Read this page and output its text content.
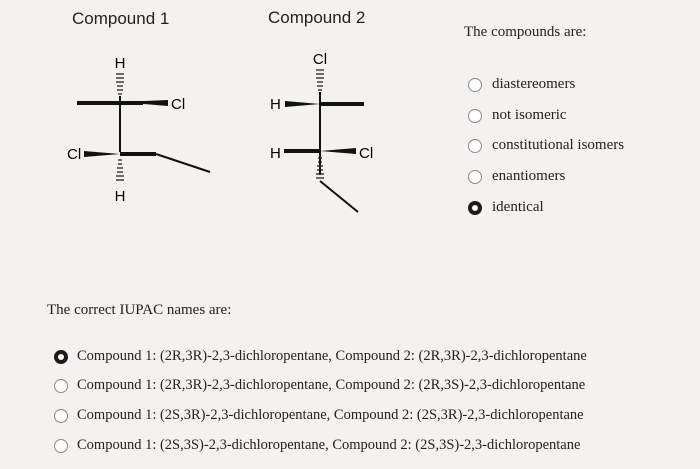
Compound 1	Compound 2
H
Cl
Cl
H
Cl
H
H	Cl
The compounds are:
diastereomers
not isomeric
constitutional isomers
enantiomers
identical
The correct IUPAC names are:
Compound 1: (2R,3R)-2,3-dichloropentane, Compound 2: (2R,3R)-2,3-dichloropentane
Compound 1: (2R,3R)-2,3-dichloropentane, Compound 2: (2R,3S)-2,3-dichloropentane
Compound 1: (2S,3R)-2,3-dichloropentane, Compound 2: (2S,3R)-2,3-dichloropentane
Compound 1: (2S,3S)-2,3-dichloropentane, Compound 2: (2S,3S)-2,3-dichloropentane
